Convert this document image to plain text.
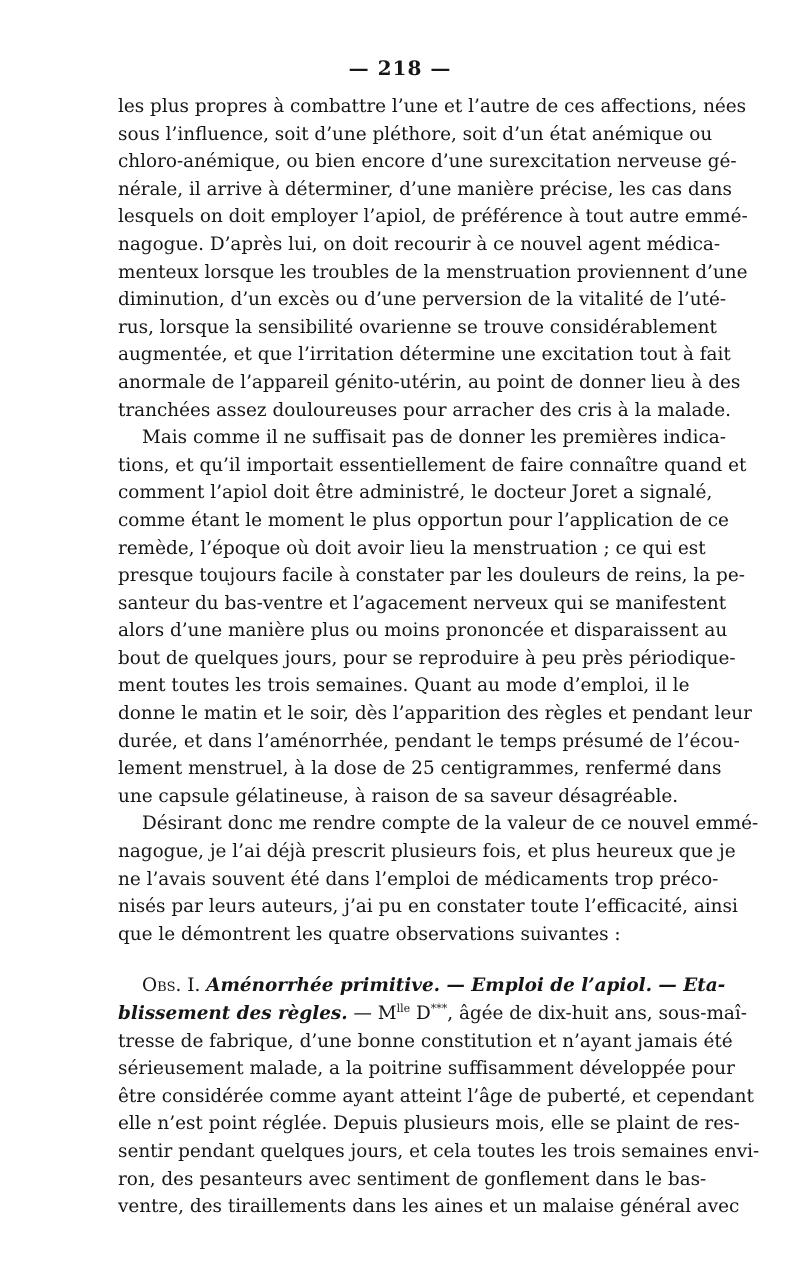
— 218 —

les plus propres à combattre l’une et l’autre de ces affections, nées
sous l’influence, soit d’une pléthore, soit d’un état anémique ou
chloro-anémique, ou bien encore d’une surexcitation nerveuse gé-
nérale, il arrive à déterminer, d’une manière précise, les cas dans
lesquels on doit employer l’apiol, de préférence à tout autre emmé-
nagogue. D’après lui, on doit recourir à ce nouvel agent médica-
menteux lorsque les troubles de la menstruation proviennent d’une
diminution, d’un excès ou d’une perversion de la vitalité de l’uté-
rus, lorsque la sensibilité ovarienne se trouve considérablement
augmentée, et que l’irritation détermine une excitation tout à fait
anormale de l’appareil génito-utérin, au point de donner lieu à des
tranchées assez douloureuses pour arracher des cris à la malade.

Mais comme il ne suffisait pas de donner les premières indica-
tions, et qu’il importait essentiellement de faire connaître quand et
comment l’apiol doit être administré, le docteur Joret a signalé,
comme étant le moment le plus opportun pour l’application de ce
remède, l’époque où doit avoir lieu la menstruation ; ce qui est
presque toujours facile à constater par les douleurs de reins, la pe-
santeur du bas-ventre et l’agacement nerveux qui se manifestent
alors d’une manière plus ou moins prononcée et disparaissent au
bout de quelques jours, pour se reproduire à peu près périodique-
ment toutes les trois semaines. Quant au mode d’emploi, il le
donne le matin et le soir, dès l’apparition des règles et pendant leur
durée, et dans l’aménorrhée, pendant le temps présumé de l’écou-
lement menstruel, à la dose de 25 centigrammes, renfermé dans
une capsule gélatineuse, à raison de sa saveur désagréable.

Désirant donc me rendre compte de la valeur de ce nouvel emmé-
nagogue, je l’ai déjà prescrit plusieurs fois, et plus heureux que je
ne l’avais souvent été dans l’emploi de médicaments trop préco-
nisés par leurs auteurs, j’ai pu en constater toute l’efficacité, ainsi
que le démontrent les quatre observations suivantes :

Obs. I. Aménorrhée primitive. — Emploi de l’apiol. — Eta-
blissement des règles. — $M^{lle}$ D***, âgée de dix-huit ans, sous-maî-
tresse de fabrique, d’une bonne constitution et n’ayant jamais été
sérieusement malade, a la poitrine suffisamment développée pour
être considérée comme ayant atteint l’âge de puberté, et cependant
elle n’est point réglée. Depuis plusieurs mois, elle se plaint de res-
sentir pendant quelques jours, et cela toutes les trois semaines envi-
ron, des pesanteurs avec sentiment de gonflement dans le bas-
ventre, des tiraillements dans les aines et un malaise général avec
